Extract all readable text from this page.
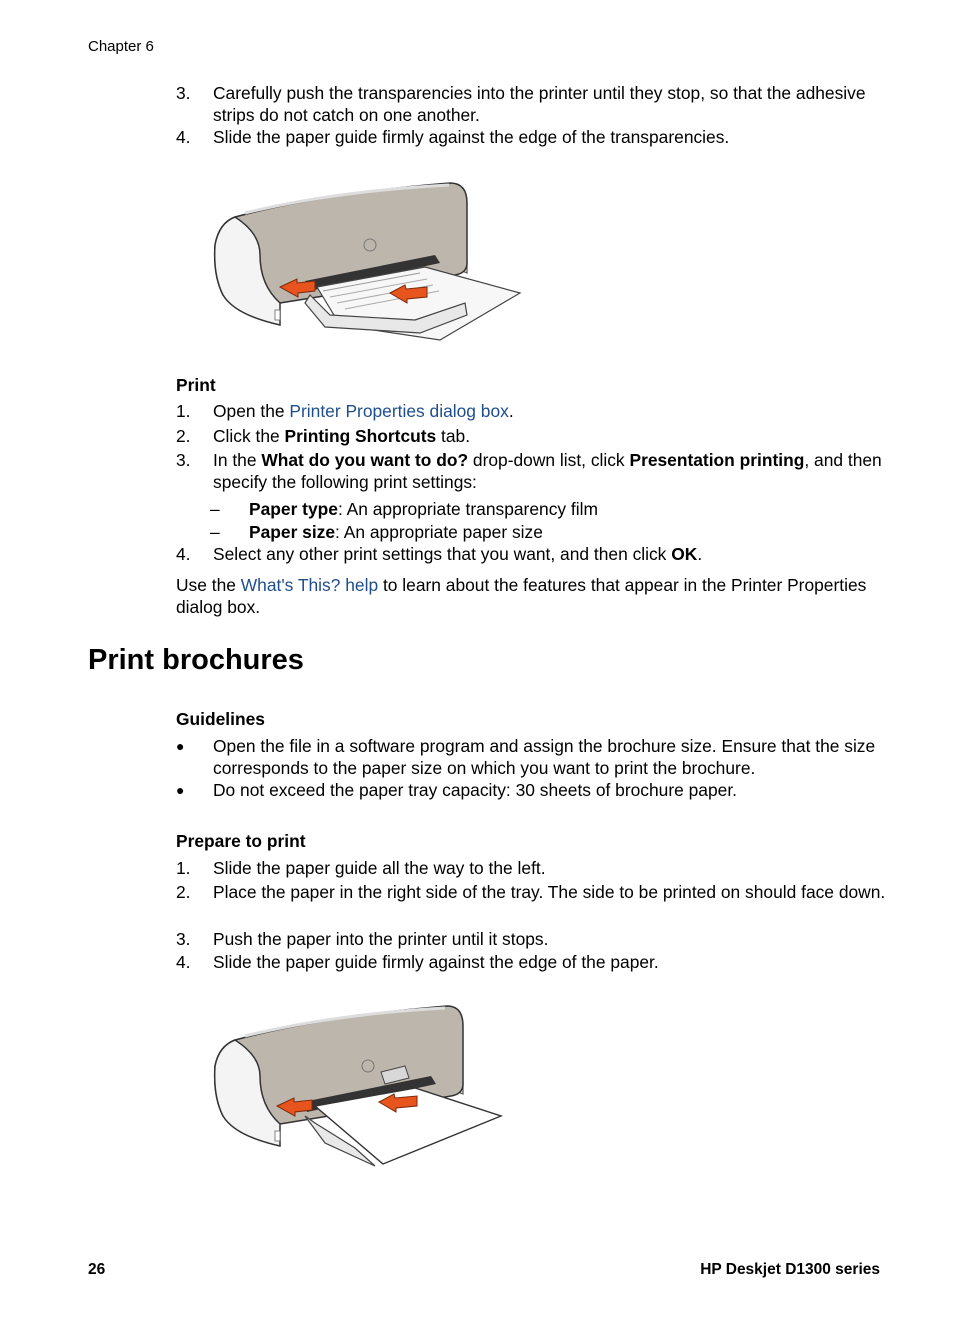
Chapter 6
3.	Carefully push the transparencies into the printer until they stop, so that the adhesive strips do not catch on one another.
4.	Slide the paper guide firmly against the edge of the transparencies.
Print
1.	Open the Printer Properties dialog box.
2.	Click the Printing Shortcuts tab.
3.	In the What do you want to do? drop-down list, click Presentation printing, and then specify the following print settings:
– Paper type: An appropriate transparency film
– Paper size: An appropriate paper size
4.	Select any other print settings that you want, and then click OK.
Use the What's This? help to learn about the features that appear in the Printer Properties dialog box.
Print brochures
Guidelines
●	Open the file in a software program and assign the brochure size. Ensure that the size corresponds to the paper size on which you want to print the brochure.
●	Do not exceed the paper tray capacity: 30 sheets of brochure paper.
Prepare to print
1.	Slide the paper guide all the way to the left.
2.	Place the paper in the right side of the tray. The side to be printed on should face down.
3.	Push the paper into the printer until it stops.
4.	Slide the paper guide firmly against the edge of the paper.
26	HP Deskjet D1300 series
